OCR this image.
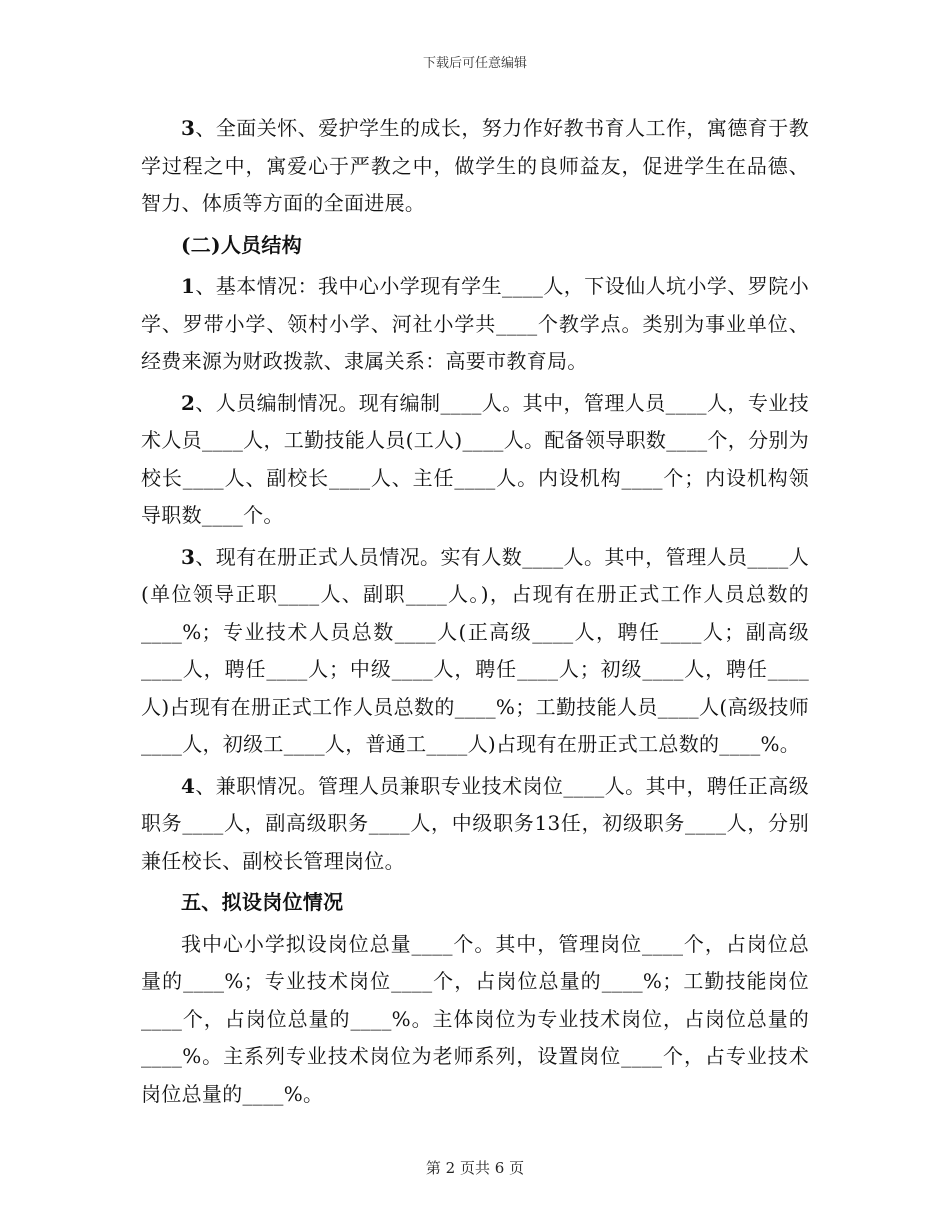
下载后可任意编辑

3、全面关怀、爱护学生的成长，努力作好教书育人工作，寓德育于教学过程之中，寓爱心于严教之中，做学生的良师益友，促进学生在品德、智力、体质等方面的全面进展。

(二)人员结构

1、基本情况：我中心小学现有学生____人，下设仙人坑小学、罗院小学、罗带小学、领村小学、河社小学共____个教学点。类别为事业单位、经费来源为财政拨款、隶属关系：高要市教育局。

2、人员编制情况。现有编制____人。其中，管理人员____人，专业技术人员____人，工勤技能人员(工人)____人。配备领导职数____个，分别为校长____人、副校长____人、主任____人。内设机构____个；内设机构领导职数____个。

3、现有在册正式人员情况。实有人数____人。其中，管理人员____人(单位领导正职____人、副职____人。)，占现有在册正式工作人员总数的____%；专业技术人员总数____人(正高级____人，聘任____人；副高级____人，聘任____人；中级____人，聘任____人；初级____人，聘任____人)占现有在册正式工作人员总数的____%；工勤技能人员____人(高级技师____人，初级工____人，普通工____人)占现有在册正式工总数的____%。

4、兼职情况。管理人员兼职专业技术岗位____人。其中，聘任正高级职务____人，副高级职务____人，中级职务13任，初级职务____人，分别兼任校长、副校长管理岗位。

五、拟设岗位情况

我中心小学拟设岗位总量____个。其中，管理岗位____个，占岗位总量的____%；专业技术岗位____个，占岗位总量的____%；工勤技能岗位____个，占岗位总量的____%。主体岗位为专业技术岗位，占岗位总量的____%。主系列专业技术岗位为老师系列，设置岗位____个，占专业技术岗位总量的____%。

第 2 页共 6 页
